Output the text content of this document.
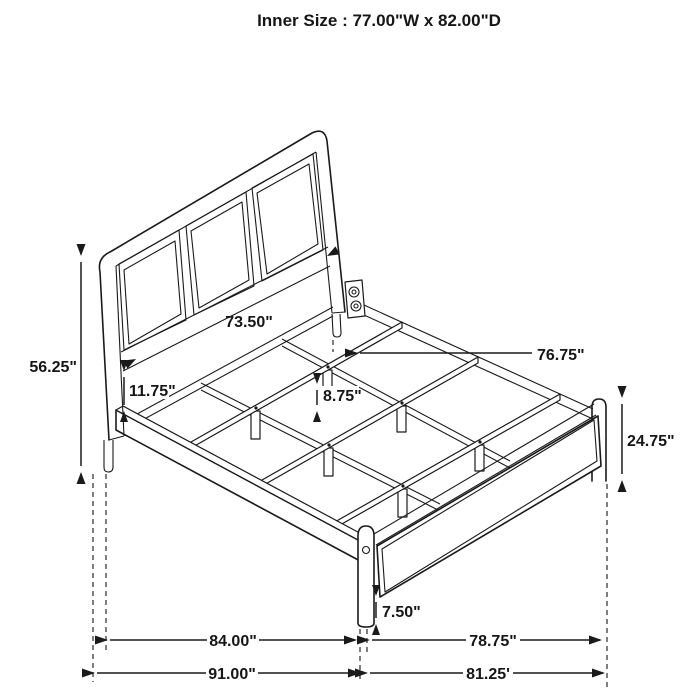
Inner Size : 77.00"W x 82.00"D
56.25"
11.75"
73.50"
76.75"
8.75"
24.75"
7.50"
84.00"	78.75"
91.00"	81.25'
